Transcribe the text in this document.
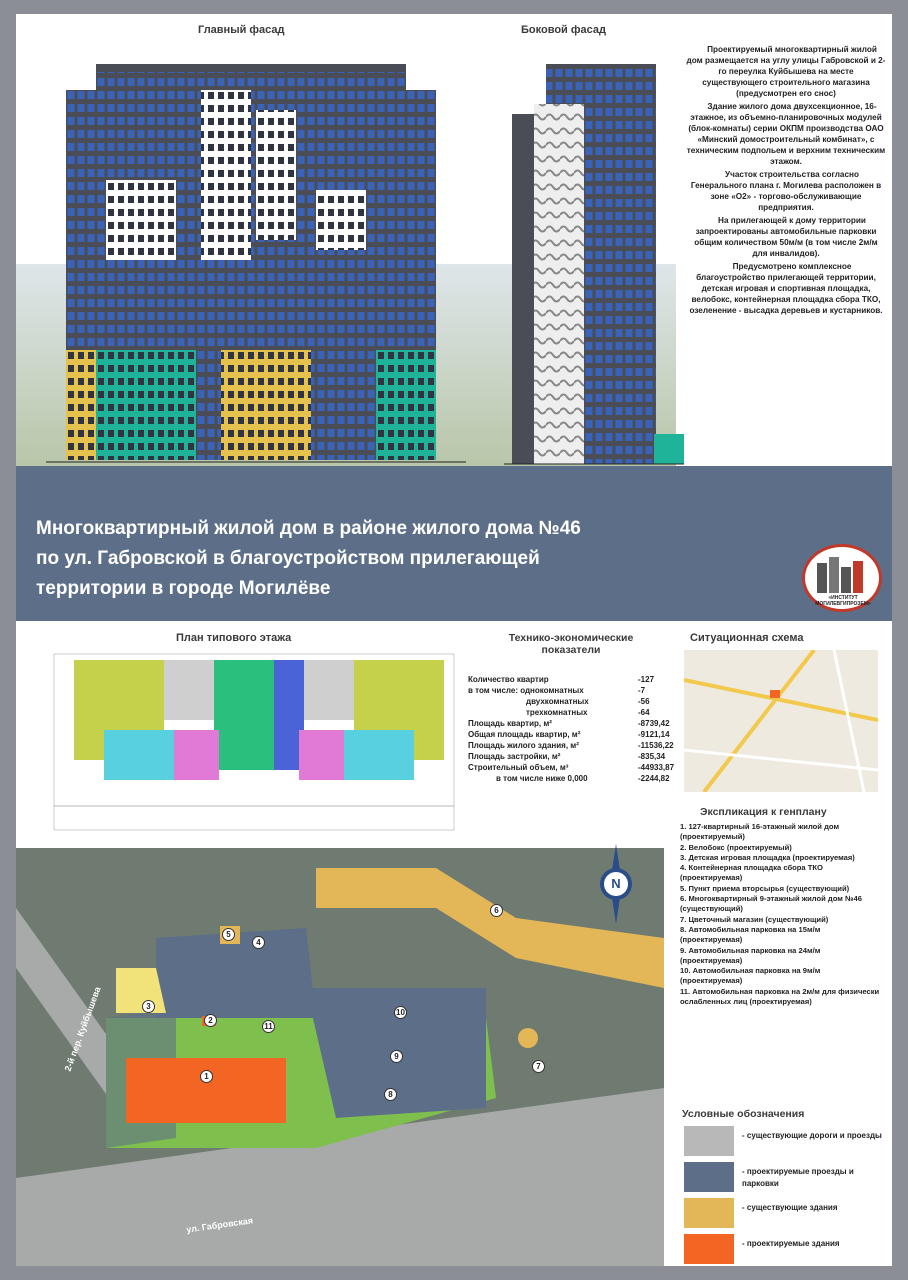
Главный фасад	Боковой фасад

Проектируемый многоквартирный жилой дом размещается на углу улицы Габровской и 2-го переулка Куйбышева на месте существующего строительного магазина (предусмотрен его снос)

Здание жилого дома двухсекционное, 16-этажное, из объемно-планировочных модулей (блок-комнаты) серии ОКПМ производства ОАО «Минский домостроительный комбинат», с техническим подпольем и верхним техническим этажом.

Участок строительства согласно Генерального плана г. Могилева расположен в зоне «О2» - торгово-обслуживающие предприятия.

На прилегающей к дому территории запроектированы автомобильные парковки общим количеством 50м/м (в том числе 2м/м для инвалидов).

Предусмотрено комплексное благоустройство прилегающей территории, детская игровая и спортивная площадка, велобокс, контейнерная площадка сбора ТКО, озеленение - высадка деревьев и кустарников.

Многоквартирный жилой дом в районе жилого дома №46
по ул. Габровской в благоустройством прилегающей
территории в городе Могилёве	«ИНСТИТУТ МОГИЛЕВГИПРОЗЕМ»
План типового этажа	Технико-экономические показатели
Количество квартир	-127
в том числе: однокомнатных	-7
двухкомнатных	-56
трехкомнатных	-64
Площадь квартир, м²	-8739,42
Общая площадь квартир, м²	-9121,14
Площадь жилого здания, м²	-11536,22
Площадь застройки, м²	-835,34
Строительный объем, м³	-44933,87
в том числе ниже 0,000	-2244,82
Ситуационная схема
ул. Габровская
2-й пер. Куйбышева
N
1
2
3
4
5
6
7
8
9
10
11
Экспликация к генплану
1. 127-квартирный 16-этажный жилой дом (проектируемый)
2. Велобокс (проектируемый)
3. Детская игровая площадка (проектируемая)
4. Контейнерная площадка сбора ТКО (проектируемая)
5. Пункт приема вторсырья (существующий)
6. Многоквартирный 9-этажный жилой дом №46 (существующий)
7. Цветочный магазин (существующий)
8. Автомобильная парковка на 15м/м (проектируемая)
9. Автомобильная парковка на 24м/м (проектируемая)
10. Автомобильная парковка на 9м/м (проектируемая)
11. Автомобильная парковка на 2м/м для физически ослабленных лиц (проектируемая)
Условные обозначения
- существующие дороги и проезды
- проектируемые проезды и парковки
- существующие здания
- проектируемые здания
